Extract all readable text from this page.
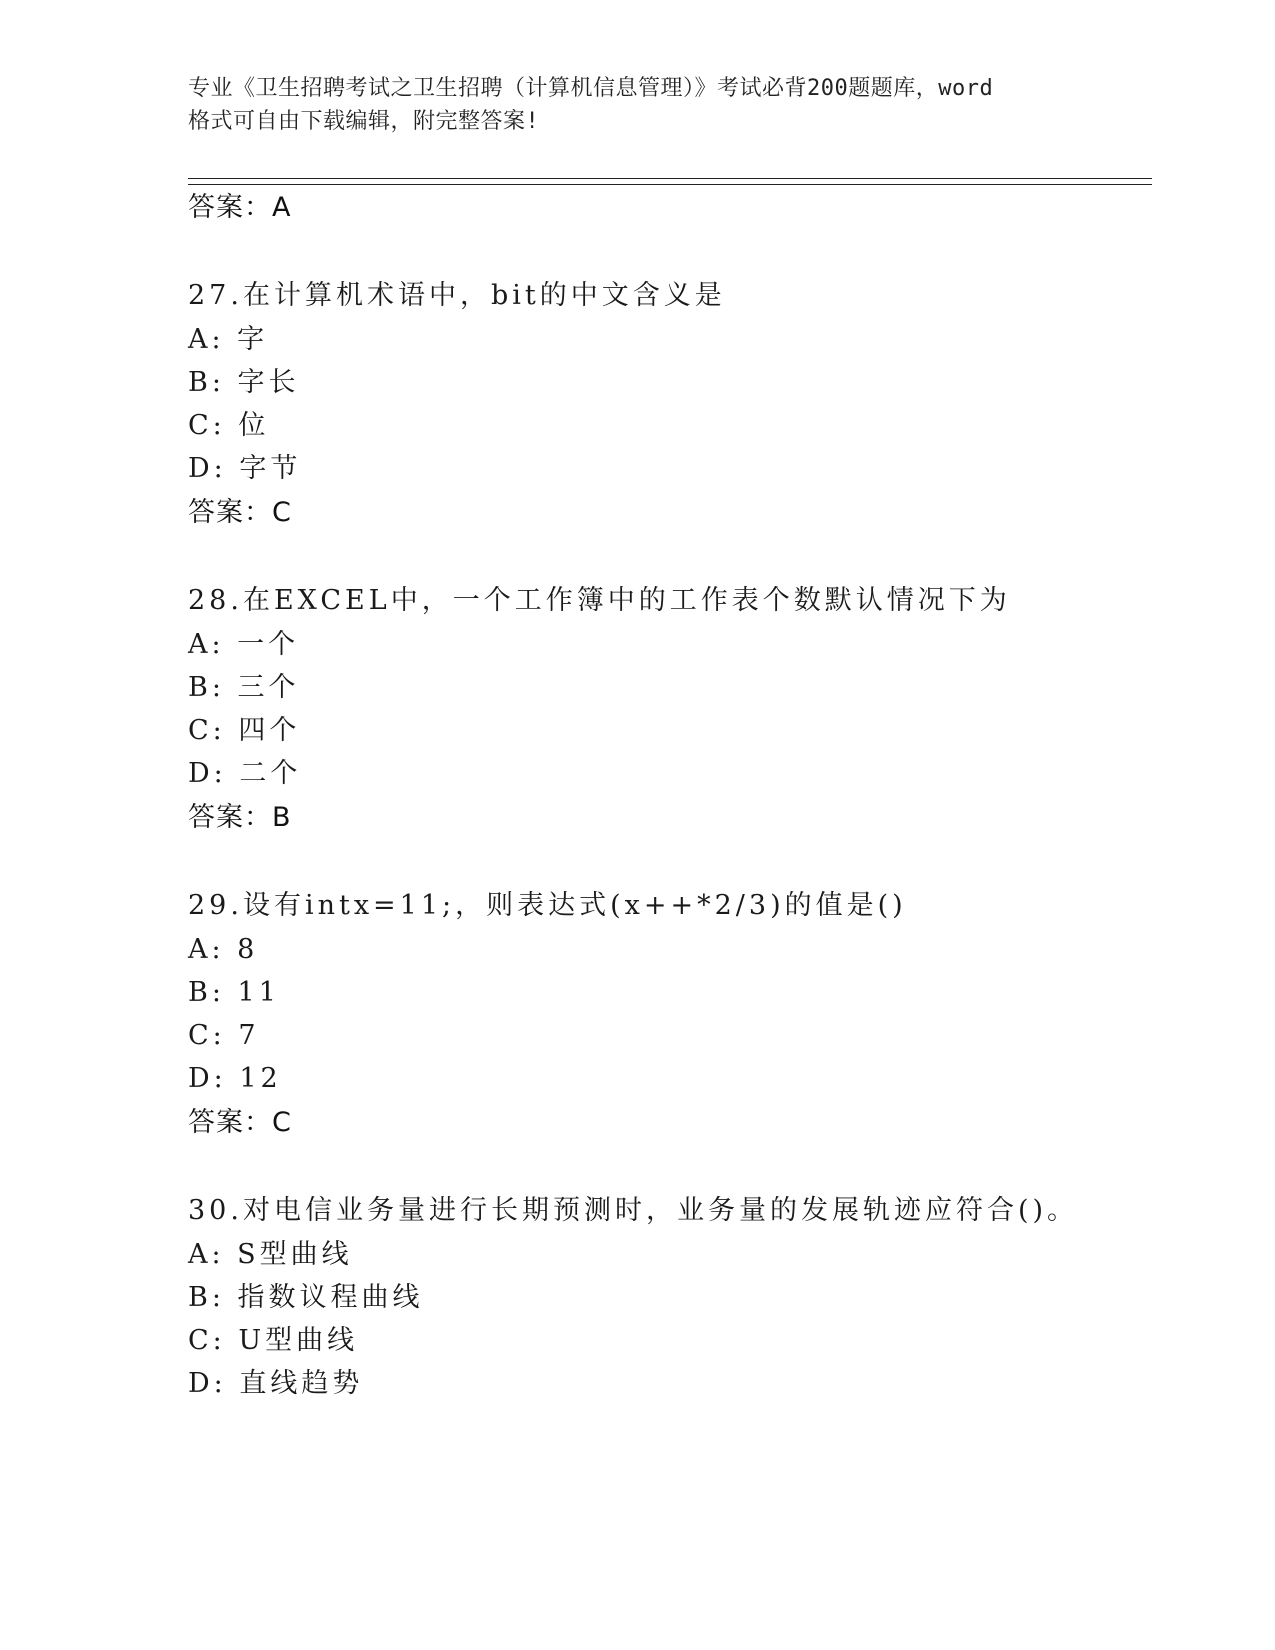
专业《卫生招聘考试之卫生招聘（计算机信息管理）》考试必背200题题库，word
格式可自由下载编辑，附完整答案!
答案：A
27.在计算机术语中，bit的中文含义是
A: 字
B: 字长
C: 位
D: 字节
答案：C
28.在EXCEL中，一个工作簿中的工作表个数默认情况下为
A: 一个
B: 三个
C: 四个
D: 二个
答案：B
29.设有intx=11;，则表达式(x++*2/3)的值是()
A: 8
B: 11
C: 7
D: 12
答案：C
30.对电信业务量进行长期预测时，业务量的发展轨迹应符合()。
A: S型曲线
B: 指数议程曲线
C: U型曲线
D: 直线趋势
